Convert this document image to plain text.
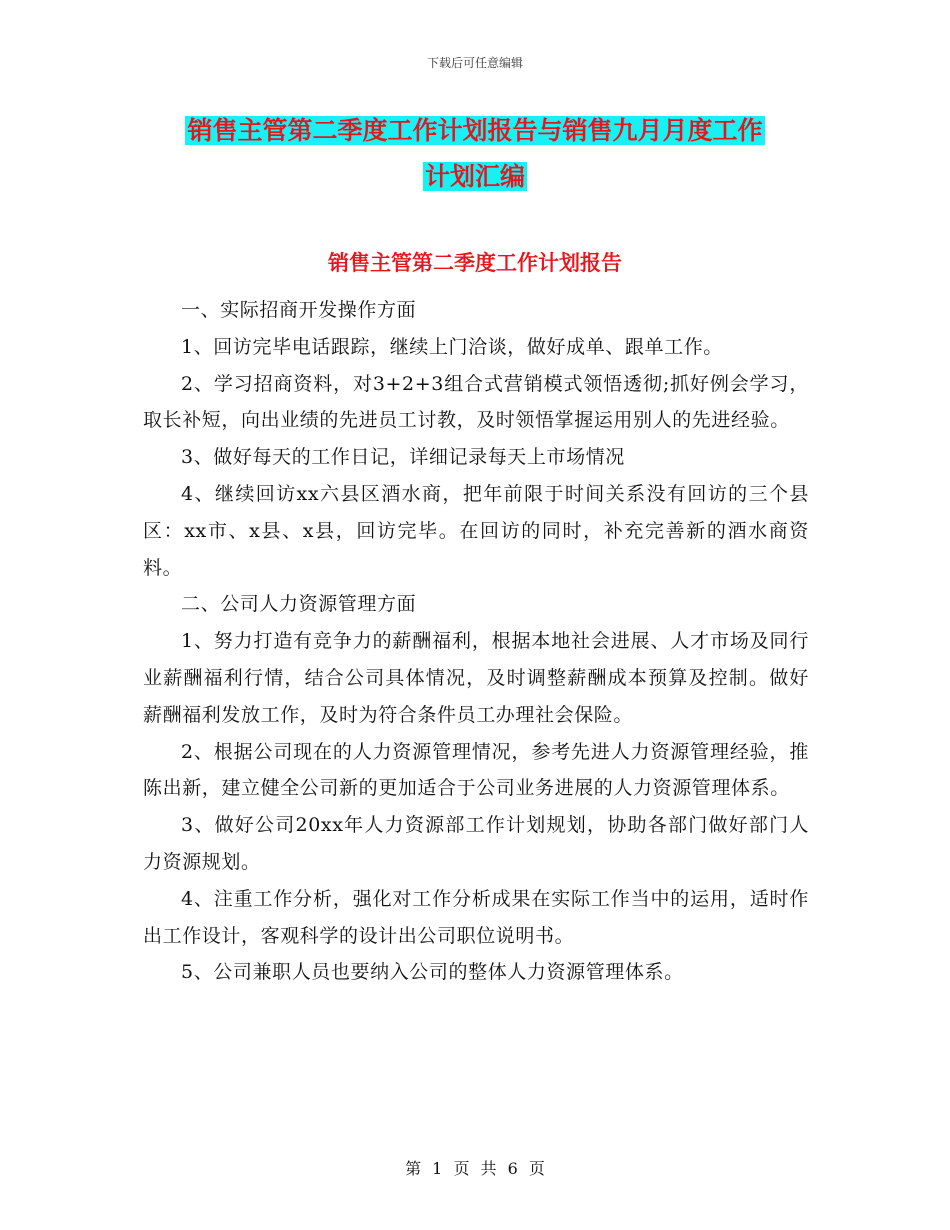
下载后可任意编辑
销售主管第二季度工作计划报告与销售九月月度工作
计划汇编
销售主管第二季度工作计划报告

一、实际招商开发操作方面

1、回访完毕电话跟踪，继续上门洽谈，做好成单、跟单工作。

2、学习招商资料，对3+2+3组合式营销模式领悟透彻;抓好例会学习，取长补短，向出业绩的先进员工讨教，及时领悟掌握运用别人的先进经验。

3、做好每天的工作日记，详细记录每天上市场情况

4、继续回访xx六县区酒水商，把年前限于时间关系没有回访的三个县区：xx市、x县、x县，回访完毕。在回访的同时，补充完善新的酒水商资料。

二、公司人力资源管理方面

1、努力打造有竞争力的薪酬福利，根据本地社会进展、人才市场及同行业薪酬福利行情，结合公司具体情况，及时调整薪酬成本预算及控制。做好薪酬福利发放工作，及时为符合条件员工办理社会保险。

2、根据公司现在的人力资源管理情况，参考先进人力资源管理经验，推陈出新，建立健全公司新的更加适合于公司业务进展的人力资源管理体系。

3、做好公司20xx年人力资源部工作计划规划，协助各部门做好部门人力资源规划。

4、注重工作分析，强化对工作分析成果在实际工作当中的运用，适时作出工作设计，客观科学的设计出公司职位说明书。

5、公司兼职人员也要纳入公司的整体人力资源管理体系。

第 1 页 共 6 页
